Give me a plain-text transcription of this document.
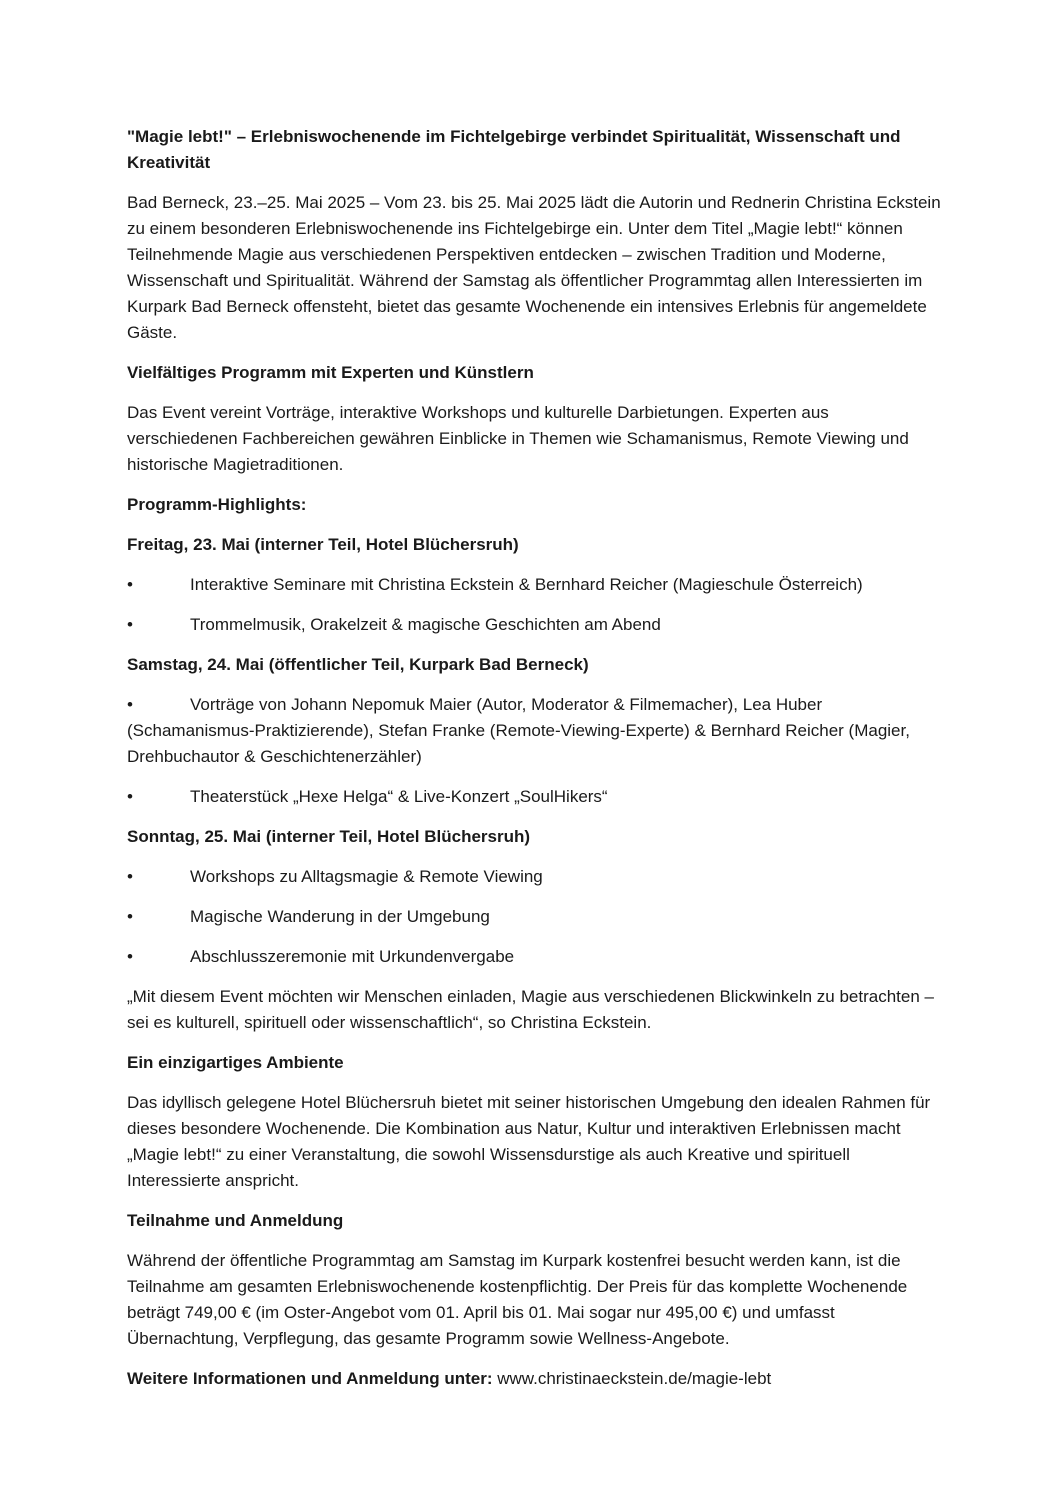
"Magie lebt!" – Erlebniswochenende im Fichtelgebirge verbindet Spiritualität, Wissenschaft und Kreativität

Bad Berneck, 23.–25. Mai 2025 – Vom 23. bis 25. Mai 2025 lädt die Autorin und Rednerin Christina Eckstein zu einem besonderen Erlebniswochenende ins Fichtelgebirge ein. Unter dem Titel „Magie lebt!“ können Teilnehmende Magie aus verschiedenen Perspektiven entdecken – zwischen Tradition und Moderne, Wissenschaft und Spiritualität. Während der Samstag als öffentlicher Programmtag allen Interessierten im Kurpark Bad Berneck offensteht, bietet das gesamte Wochenende ein intensives Erlebnis für angemeldete Gäste.

Vielfältiges Programm mit Experten und Künstlern

Das Event vereint Vorträge, interaktive Workshops und kulturelle Darbietungen. Experten aus verschiedenen Fachbereichen gewähren Einblicke in Themen wie Schamanismus, Remote Viewing und historische Magietraditionen.

Programm-Highlights:

Freitag, 23. Mai (interner Teil, Hotel Blüchersruh)

•	Interaktive Seminare mit Christina Eckstein & Bernhard Reicher (Magieschule Österreich)
•	Trommelmusik, Orakelzeit & magische Geschichten am Abend

Samstag, 24. Mai (öffentlicher Teil, Kurpark Bad Berneck)

•	Vorträge von Johann Nepomuk Maier (Autor, Moderator & Filmemacher), Lea Huber (Schamanismus-Praktizierende), Stefan Franke (Remote-Viewing-Experte) & Bernhard Reicher (Magier, Drehbuchautor & Geschichtenerzähler)
•	Theaterstück „Hexe Helga“ & Live-Konzert „SoulHikers“

Sonntag, 25. Mai (interner Teil, Hotel Blüchersruh)

•	Workshops zu Alltagsmagie & Remote Viewing
•	Magische Wanderung in der Umgebung
•	Abschlusszeremonie mit Urkundenvergabe

„Mit diesem Event möchten wir Menschen einladen, Magie aus verschiedenen Blickwinkeln zu betrachten – sei es kulturell, spirituell oder wissenschaftlich“, so Christina Eckstein.

Ein einzigartiges Ambiente

Das idyllisch gelegene Hotel Blüchersruh bietet mit seiner historischen Umgebung den idealen Rahmen für dieses besondere Wochenende. Die Kombination aus Natur, Kultur und interaktiven Erlebnissen macht „Magie lebt!“ zu einer Veranstaltung, die sowohl Wissensdurstige als auch Kreative und spirituell Interessierte anspricht.

Teilnahme und Anmeldung

Während der öffentliche Programmtag am Samstag im Kurpark kostenfrei besucht werden kann, ist die Teilnahme am gesamten Erlebniswochenende kostenpflichtig. Der Preis für das komplette Wochenende beträgt 749,00 € (im Oster-Angebot vom 01. April bis 01. Mai sogar nur 495,00 €) und umfasst Übernachtung, Verpflegung, das gesamte Programm sowie Wellness-Angebote.

Weitere Informationen und Anmeldung unter: www.christinaeckstein.de/magie-lebt
